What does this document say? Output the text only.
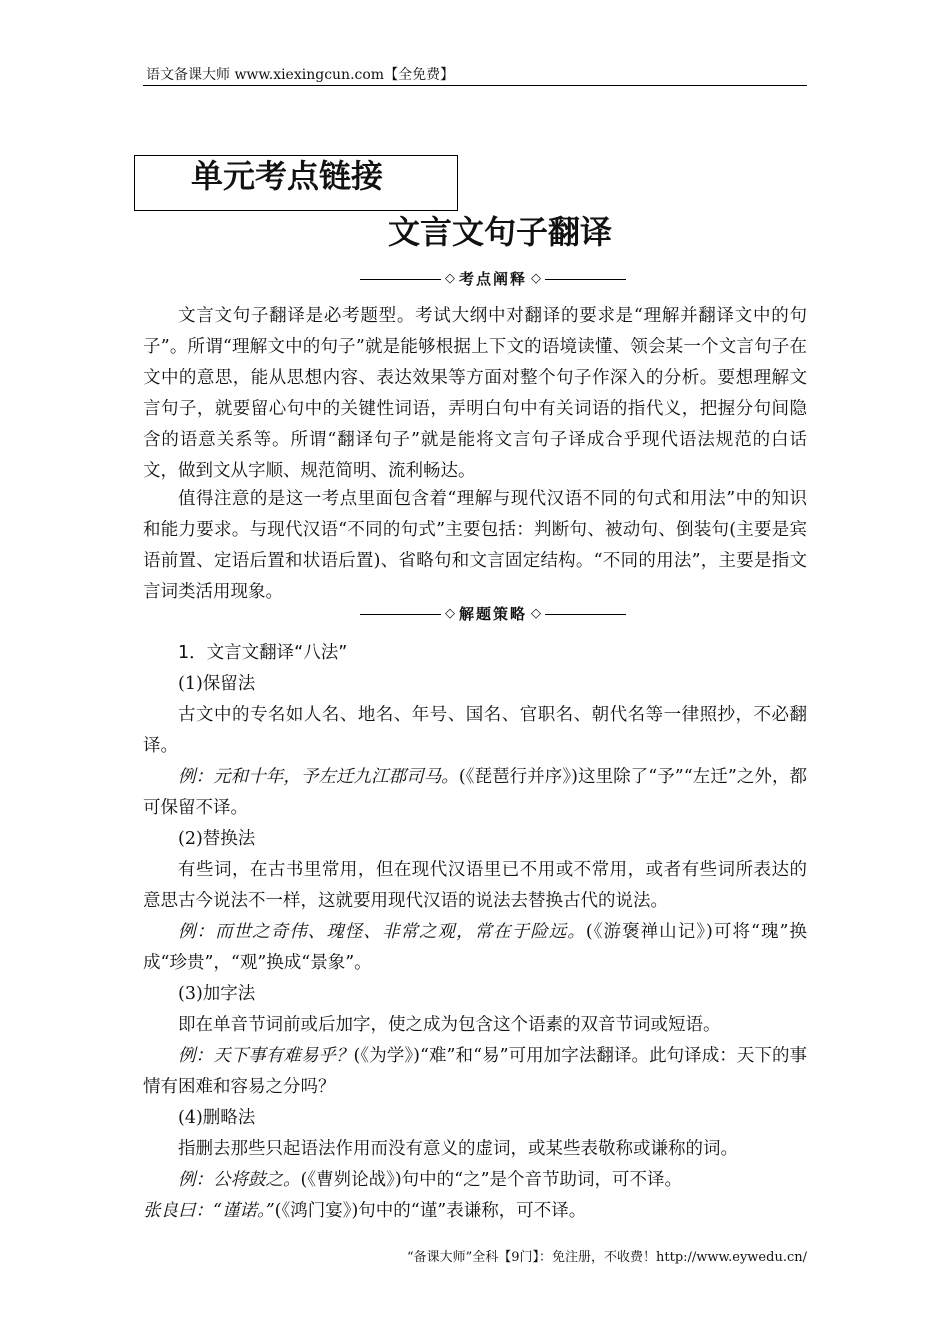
语文备课大师 www.xiexingcun.com【全免费】
单元考点链接
文言文句子翻译
◇ 考点阐释 ◇

文言文句子翻译是必考题型。考试大纲中对翻译的要求是“理解并翻译文中的句子”。所谓“理解文中的句子”就是能够根据上下文的语境读懂、领会某一个文言句子在文中的意思，能从思想内容、表达效果等方面对整个句子作深入的分析。要想理解文言句子，就要留心句中的关键性词语，弄明白句中有关词语的指代义，把握分句间隐含的语意关系等。所谓“翻译句子”就是能将文言句子译成合乎现代语法规范的白话文，做到文从字顺、规范简明、流利畅达。

值得注意的是这一考点里面包含着“理解与现代汉语不同的句式和用法”中的知识和能力要求。与现代汉语“不同的句式”主要包括：判断句、被动句、倒装句(主要是宾语前置、定语后置和状语后置)、省略句和文言固定结构。“不同的用法”，主要是指文言词类活用现象。

◇ 解题策略 ◇
1．文言文翻译“八法”
(1)保留法

古文中的专名如人名、地名、年号、国名、官职名、朝代名等一律照抄，不必翻译。

例：元和十年，予左迁九江郡司马。(《琵琶行并序》)这里除了“予”“左迁”之外，都可保留不译。

(2)替换法

有些词，在古书里常用，但在现代汉语里已不用或不常用，或者有些词所表达的意思古今说法不一样，这就要用现代汉语的说法去替换古代的说法。

例：而世之奇伟、瑰怪、非常之观，常在于险远。(《游褒禅山记》)可将“瑰”换成“珍贵”，“观”换成“景象”。

(3)加字法

即在单音节词前或后加字，使之成为包含这个语素的双音节词或短语。

例：天下事有难易乎？(《为学》)“难”和“易”可用加字法翻译。此句译成：天下的事情有困难和容易之分吗？

(4)删略法

指删去那些只起语法作用而没有意义的虚词，或某些表敬称或谦称的词。

例：公将鼓之。(《曹刿论战》)句中的“之”是个音节助词，可不译。

张良曰：“谨诺。”(《鸿门宴》)句中的“谨”表谦称，可不译。

“备课大师”全科【9门】：免注册，不收费！http://www.eywedu.cn/
